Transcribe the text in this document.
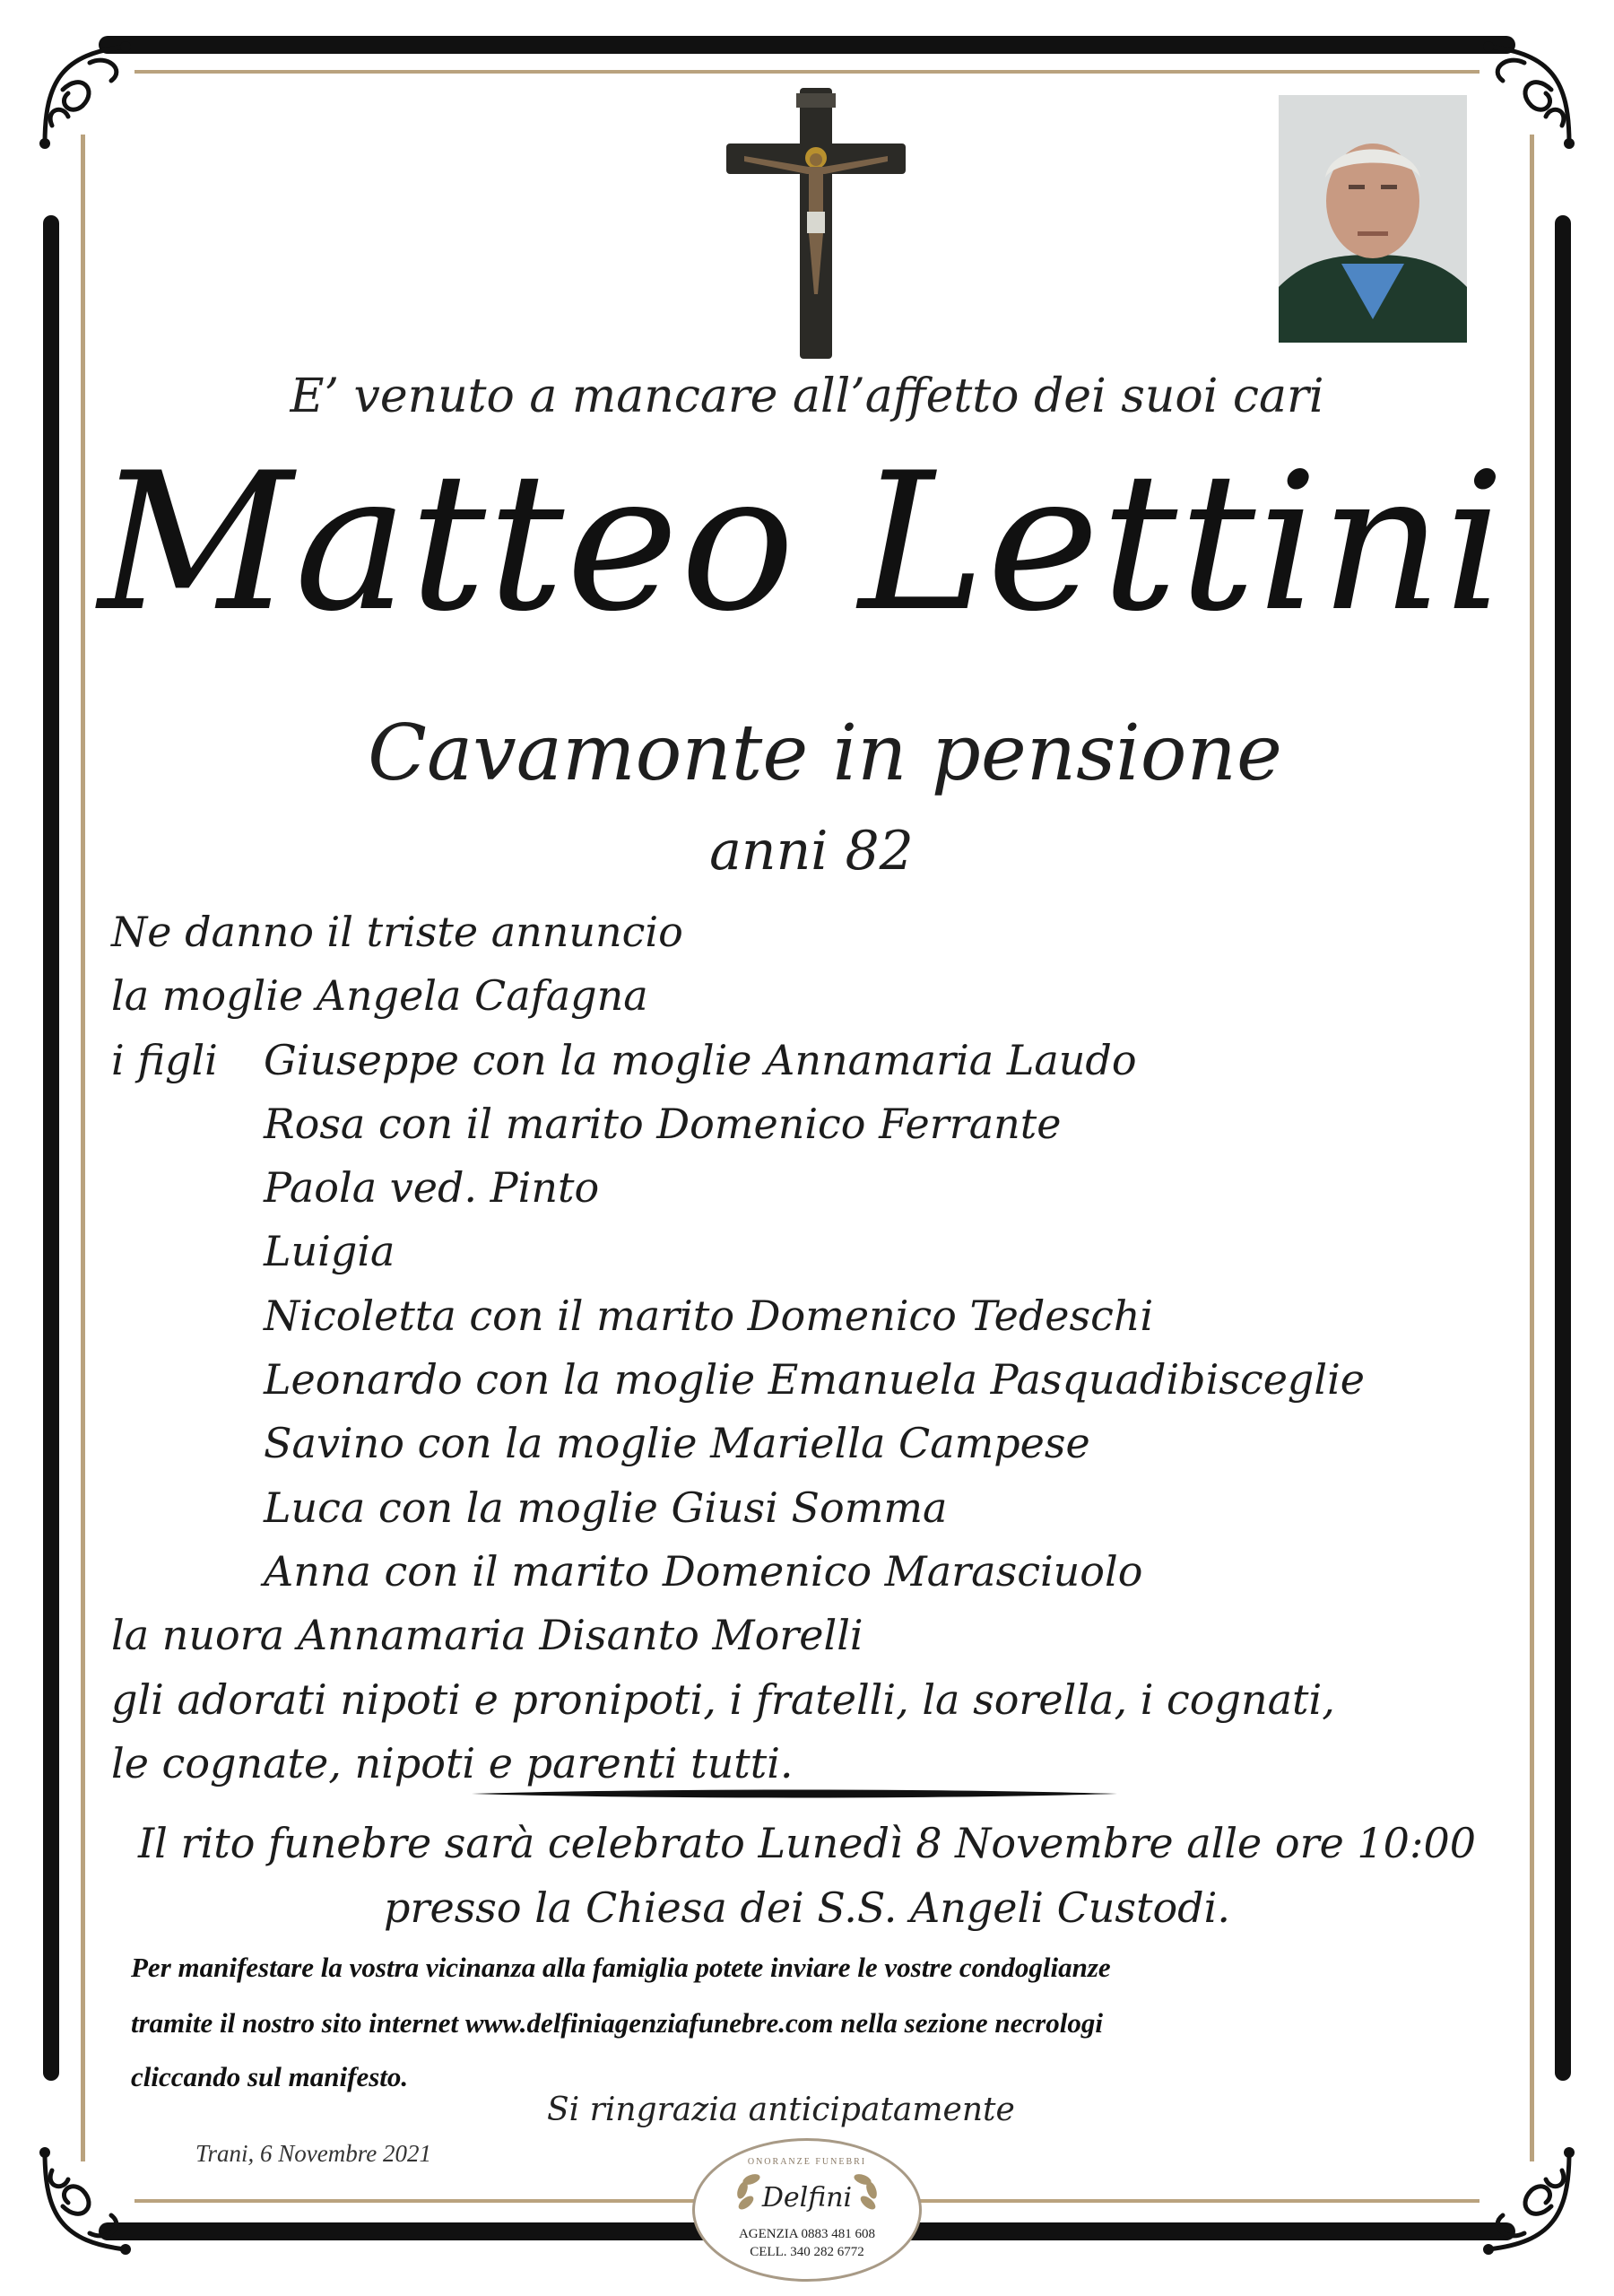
E’ venuto a mancare all’affetto dei suoi cari
Matteo Lettini
Cavamonte in pensione
anni 82
Ne danno il triste annuncio
la moglie Angela Cafagna
i figli Giuseppe con la moglie Annamaria Laudo
Rosa con il marito Domenico Ferrante
Paola ved. Pinto
Luigia
Nicoletta con il marito Domenico Tedeschi
Leonardo con la moglie Emanuela Pasquadibisceglie
Savino con la moglie Mariella Campese
Luca con la moglie Giusi Somma
Anna con il marito Domenico Marasciuolo
la nuora Annamaria Disanto Morelli
gli adorati nipoti e pronipoti, i fratelli, la sorella, i cognati,
le cognate, nipoti e parenti tutti.
Il rito funebre sarà celebrato Lunedì 8 Novembre alle ore 10:00
presso la Chiesa dei S.S. Angeli Custodi.
Per manifestare la vostra vicinanza alla famiglia potete inviare le vostre condoglianze
tramite il nostro sito internet www.delfiniagenziafunebre.com nella sezione necrologi
cliccando sul manifesto.
Si ringrazia anticipatamente
Trani, 6 Novembre 2021	ONORANZE FUNEBRI
Delfini
AGENZIA 0883 481 608
CELL. 340 282 6772
